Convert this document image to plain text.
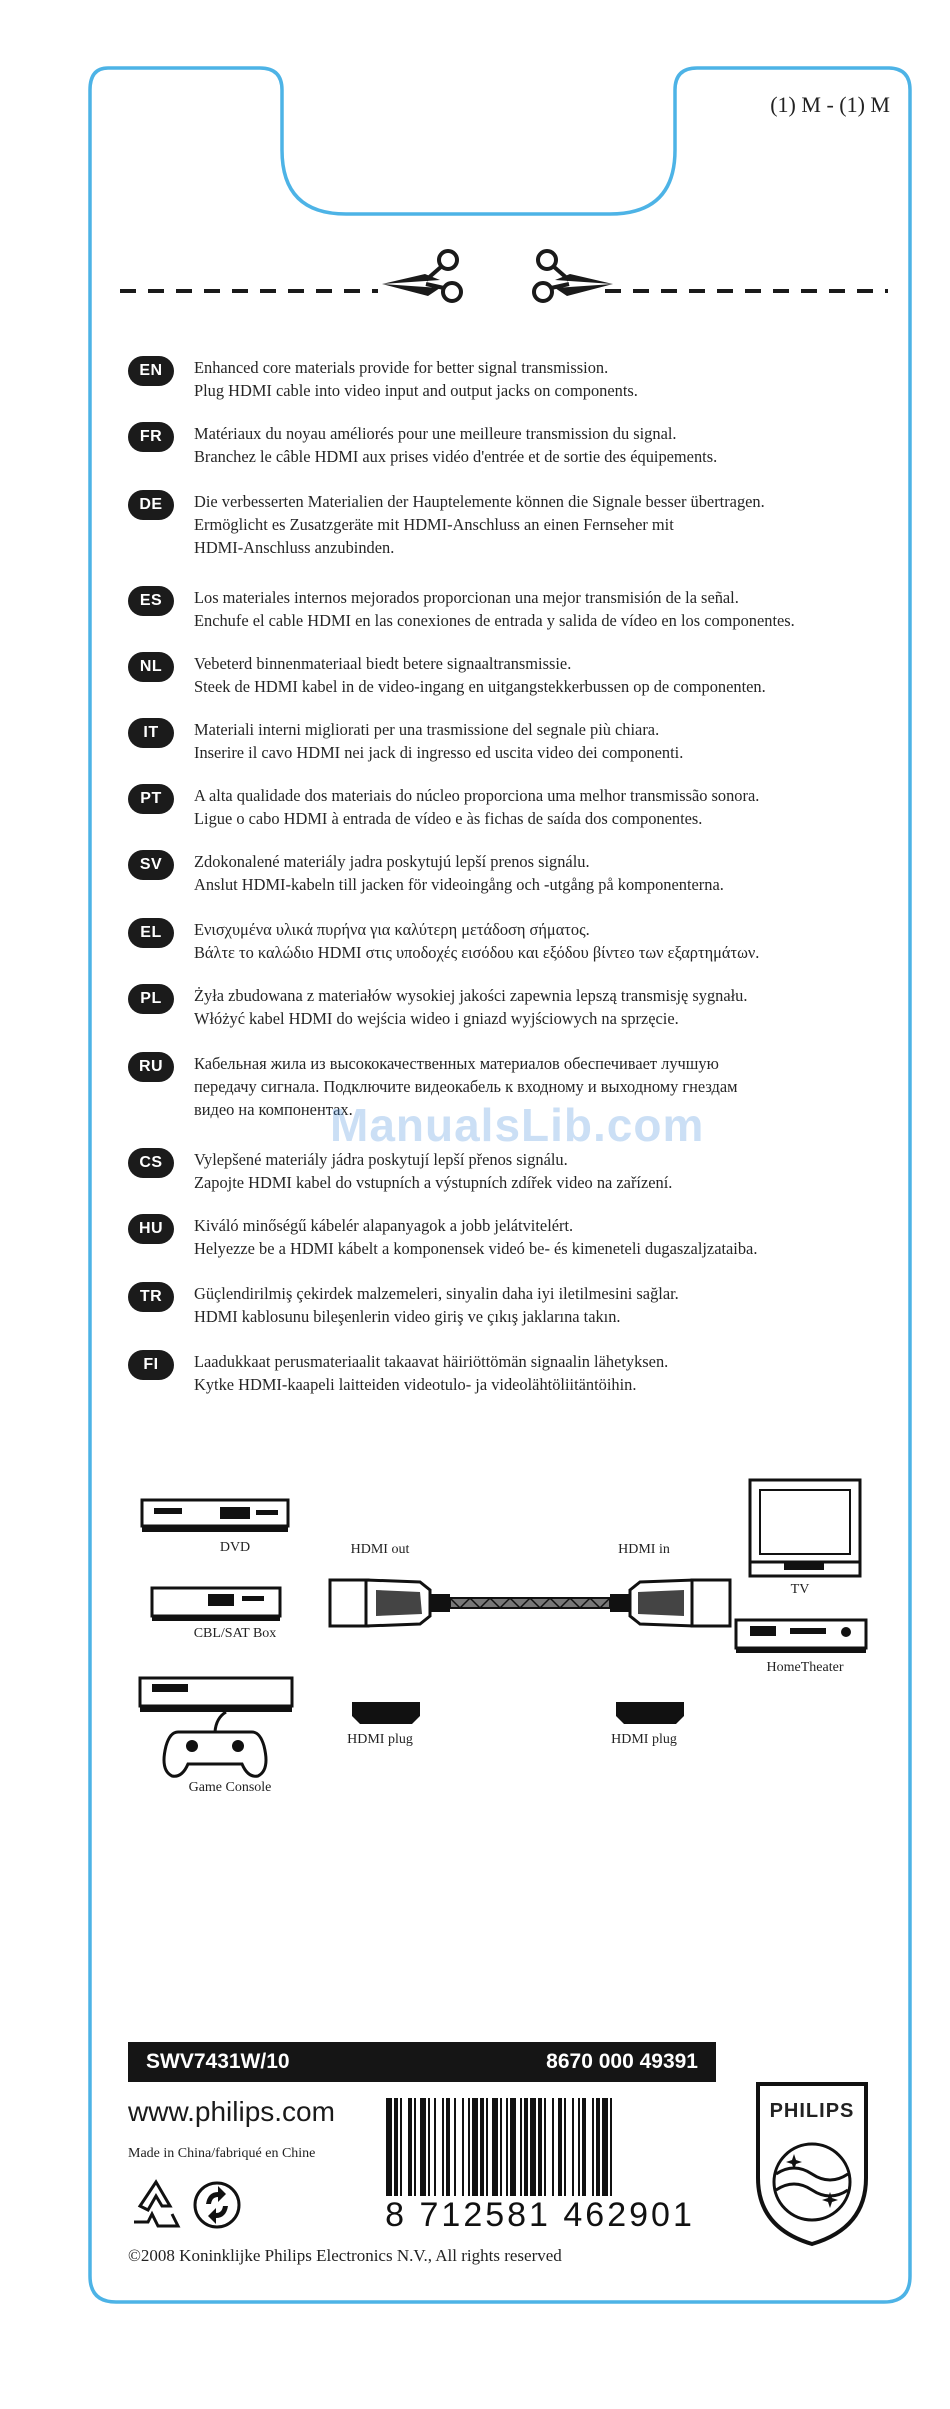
(1) M - (1) M
EN	Enhanced core materials provide for better signal transmission.
Plug HDMI cable into video input and output jacks on components.
FR	Matériaux du noyau améliorés pour une meilleure transmission du signal.
Branchez le câble HDMI aux prises vidéo d'entrée et de sortie des équipements.
DE	Die verbesserten Materialien der Hauptelemente können die Signale besser übertragen.
Ermöglicht es Zusatzgeräte mit HDMI-Anschluss an einen Fernseher mit
HDMI-Anschluss anzubinden.
ES	Los materiales internos mejorados proporcionan una mejor transmisión de la señal.
Enchufe el cable HDMI en las conexiones de entrada y salida de vídeo en los componentes.
NL	Vebeterd binnenmateriaal biedt betere signaaltransmissie.
Steek de HDMI kabel in de video-ingang en uitgangstekkerbussen op de componenten.
IT	Materiali interni migliorati per una trasmissione del segnale più chiara.
Inserire il cavo HDMI nei jack di ingresso ed uscita video dei componenti.
PT	A alta qualidade dos materiais do núcleo proporciona uma melhor transmissão sonora.
Ligue o cabo HDMI à entrada de vídeo e às fichas de saída dos componentes.
SV	Zdokonalené materiály jadra poskytujú lepší prenos signálu.
Anslut HDMI-kabeln till jacken för videoingång och -utgång på komponenterna.
EL	Ενισχυμένα υλικά πυρήνα για καλύτερη μετάδοση σήματος.
Βάλτε το καλώδιο HDMI στις υποδοχές εισόδου και εξόδου βίντεο των εξαρτημάτων.
PL	Żyła zbudowana z materiałów wysokiej jakości zapewnia lepszą transmisję sygnału.
Włóżyć kabel HDMI do wejścia wideo i gniazd wyjściowych na sprzęcie.
RU	Кабельная жила из высококачественных материалов обеспечивает лучшую
передачу сигнала. Подключите видеокабель к входному и выходному гнездам
видео на компонентах.
CS	Vylepšené materiály jádra poskytují lepší přenos signálu.
Zapojte HDMI kabel do vstupních a výstupních zdířek video na zařízení.
HU	Kiváló minőségű kábelér alapanyagok a jobb jelátvitelért.
Helyezze be a HDMI kábelt a komponensek videó be- és kimeneteli dugaszaljzataiba.
TR	Güçlendirilmiş çekirdek malzemeleri, sinyalin daha iyi iletilmesini sağlar.
HDMI kablosunu bileşenlerin video giriş ve çıkış jaklarına takın.
FI	Laadukkaat perusmateriaalit takaavat häiriöttömän signaalin lähetyksen.
Kytke HDMI-kaapeli laitteiden videotulo- ja videolähtöliitäntöihin.
ManualsLib.com
DVD
CBL/SAT Box
Game Console
HDMI out	HDMI in
HDMI plug	HDMI plug
TV
HomeTheater
SWV7431W/10	8670 000 49391
www.philips.com
Made in China/fabriqué en Chine
©2008 Koninklijke Philips Electronics N.V., All rights reserved
8 712581 462901
PHILIPS
